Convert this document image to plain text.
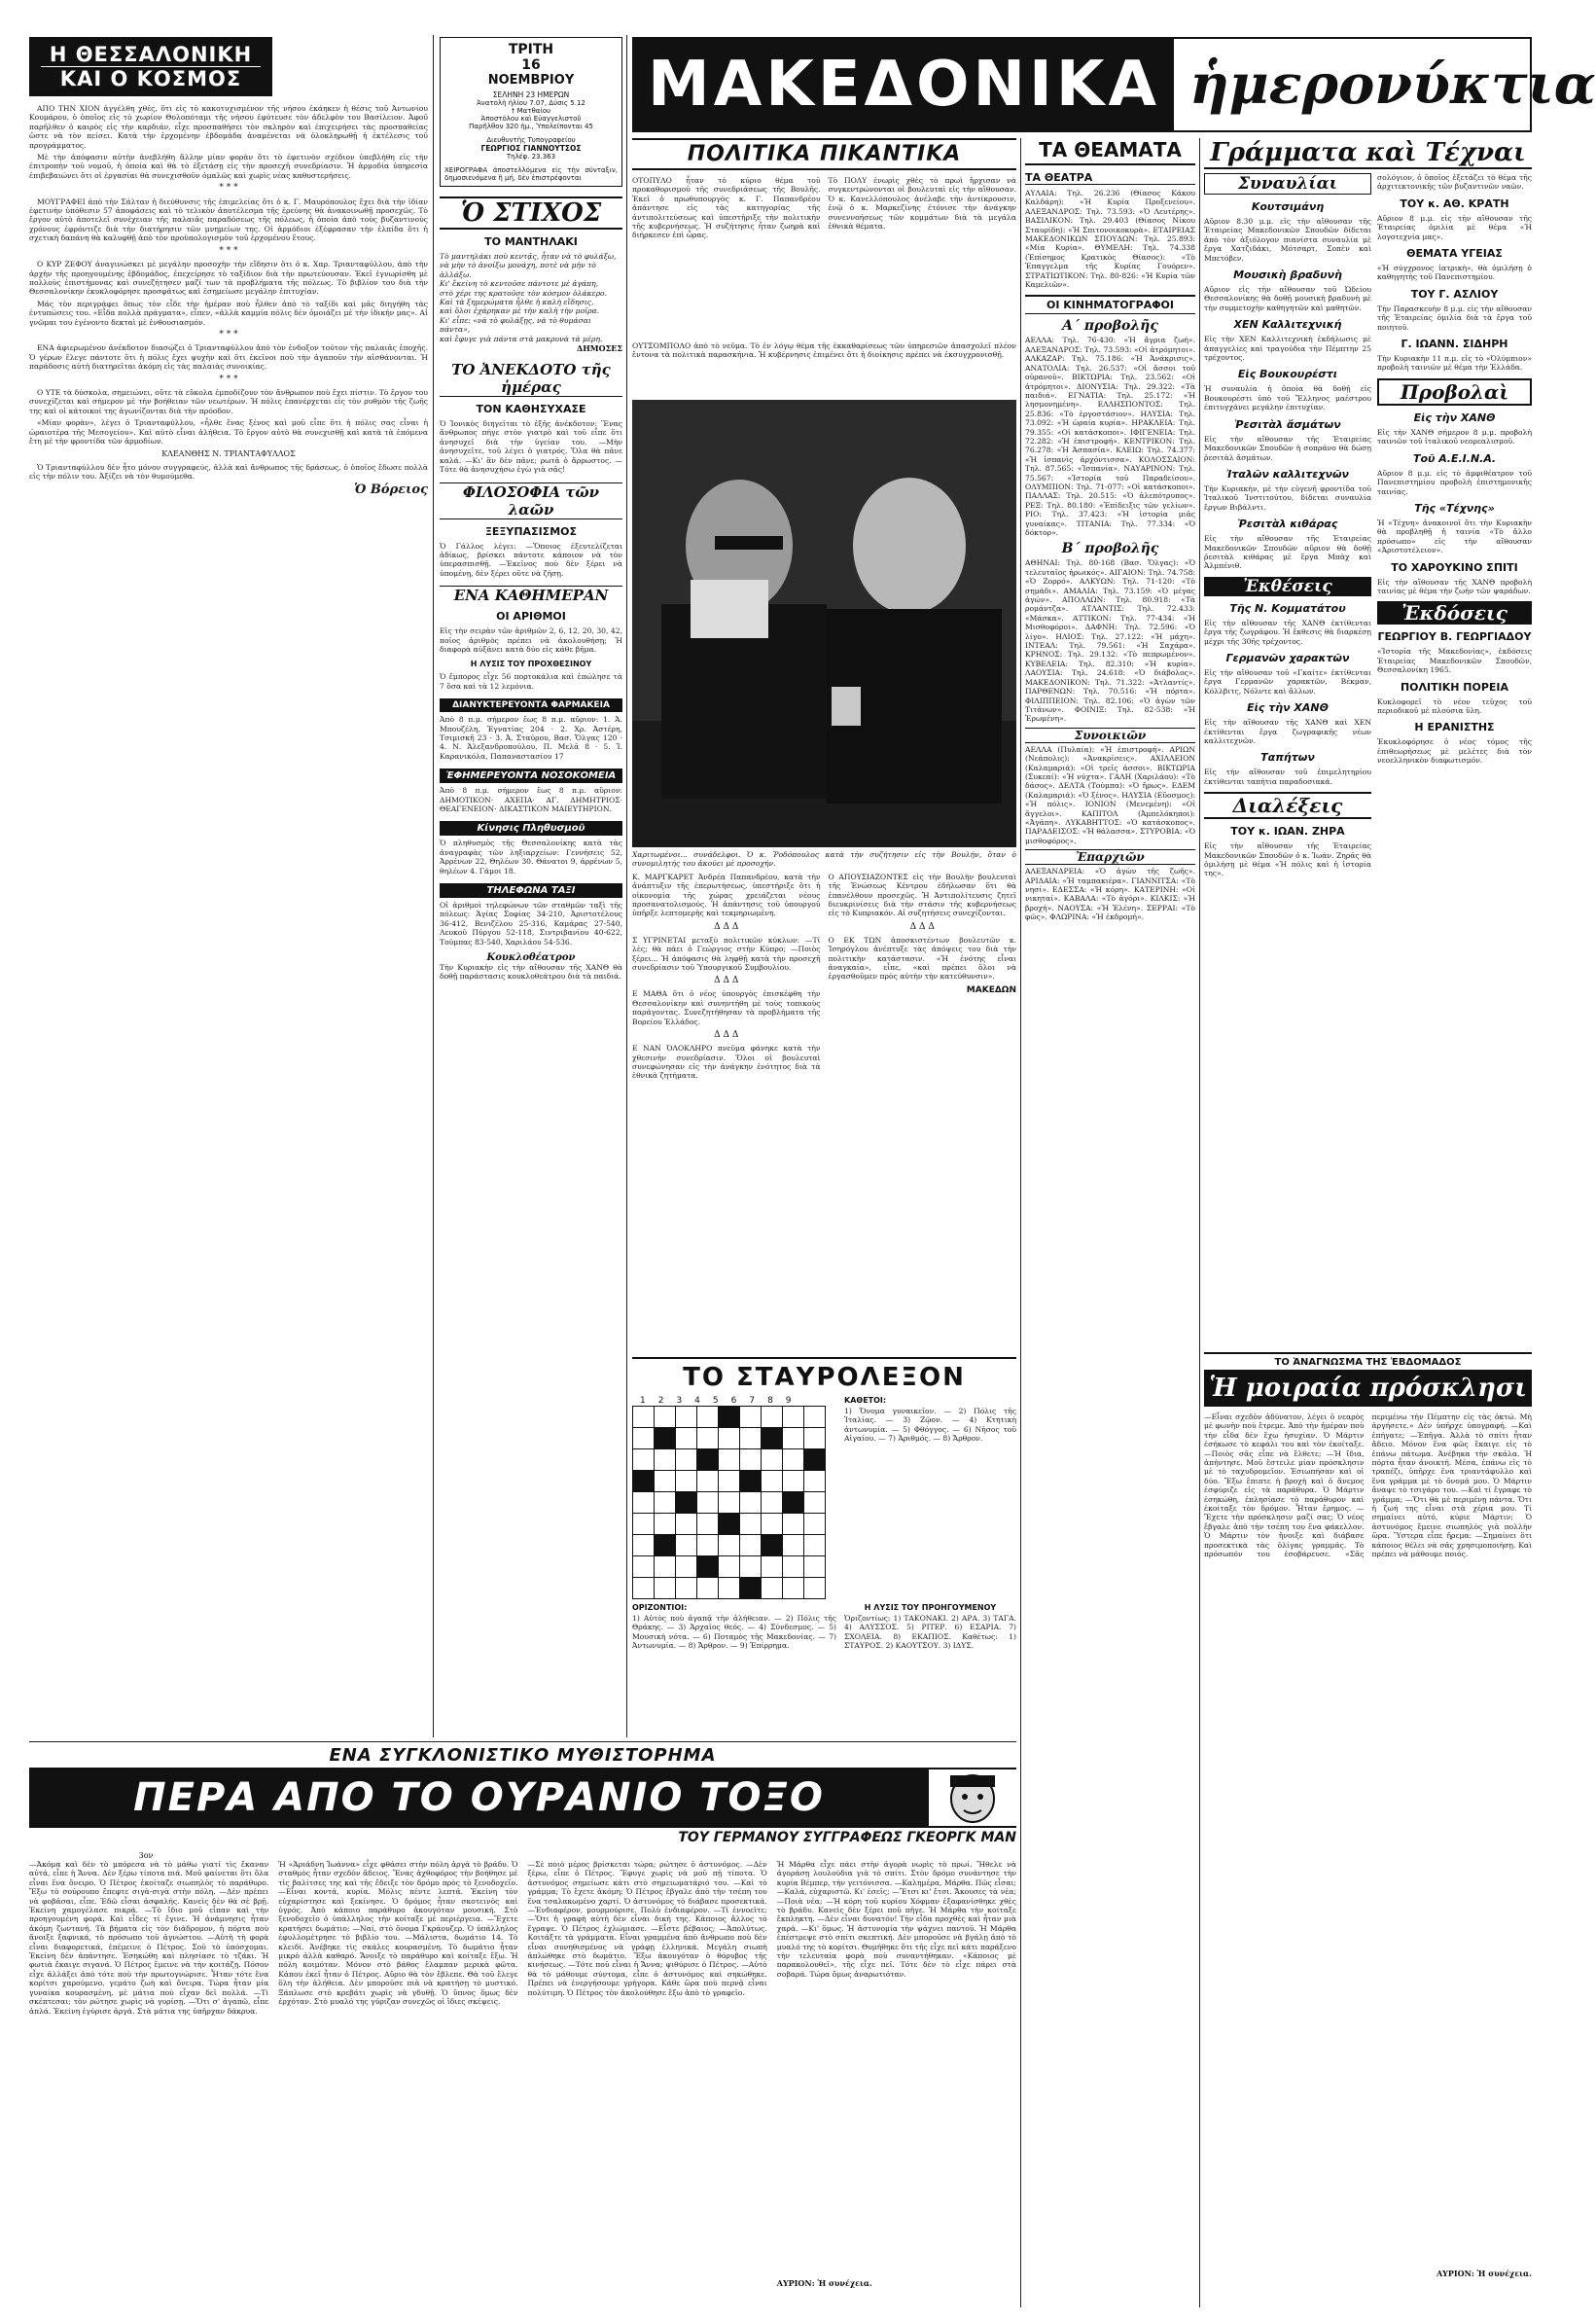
Η ΘΕΣΣΑΛΟΝΙΚΗ
ΚΑΙ Ο ΚΟΣΜΟΣ

ΑΠΟ ΤΗΝ ΧΙΟΝ ἀγγέλθη χθές, ὅτι εἰς τὸ κακοτυχισμένον τῆς νήσου ἐκάηκεν ἡ θέσις τοῦ Ἀντωνίου Κουμάρου, ὁ ὁποῖος εἰς τὸ χωρίον Θολοπόταμι τῆς νήσου ἐφύτευσε τὸν ἀδελφὸν του Βασίλειον. Ἀφοῦ παρῆλθεν ὁ καιρὸς εἰς τὴν καρδιάν, εἶχε προσπαθήσει τὸν σκληρὸν καὶ ἐπιχειρήσει τὰς προσπαθείας ὥστε νὰ τὸν πείσει. Κατὰ τὴν ἐρχομένην ἑβδομάδα ἀναμένεται νὰ ὁλοκληρωθῇ ἡ ἐκτέλεσις τοῦ προγράμματος.

Μὲ τὴν ἀπόφασιν αὐτὴν ἀνεβλήθη ἄλλην μίαν φορὰν ὅτι τὸ ἐφετινὸν σχέδιον ὑπεβλήθη εἰς τὴν ἐπιτροπὴν τοῦ νομοῦ, ἡ ὁποία καὶ θὰ τὸ ἐξετάσῃ εἰς τὴν προσεχῆ συνεδρίασιν. Ἡ ἀρμοδία ὑπηρεσία ἐπιβεβαιώνει ὅτι οἱ ἐργασίαι θὰ συνεχισθοῦν ὁμαλῶς καὶ χωρὶς νέας καθυστερήσεις.

* * *

ΜΟΥΓΡΑΦΕΙ ἀπὸ τὴν Σάλταν ἡ διεύθυνσις τῆς ἐπιμελείας ὅτι ὁ κ. Γ. Μαυρόπουλος ἔχει διὰ τὴν ἰδίαν ἐφετινὴν ὑπόθεσιν 57 ἀποφάσεις καὶ τὸ τελικὸν ἀποτέλεσμα τῆς ἐρεύνης θὰ ἀνακοινωθῇ προσεχῶς. Τὸ ἔργον αὐτὸ ἀποτελεῖ συνέχειαν τῆς παλαιᾶς παραδόσεως τῆς πόλεως, ἡ ὁποία ἀπὸ τοὺς βυζαντινοὺς χρόνους ἐφρόντιζε διὰ τὴν διατήρησιν τῶν μνημείων της. Οἱ ἁρμόδιοι ἐξέφρασαν τὴν ἐλπίδα ὅτι ἡ σχετικὴ δαπάνη θὰ καλυφθῇ ἀπὸ τὸν προϋπολογισμὸν τοῦ ἐρχομένου ἔτους.

* * *

Ο ΚΥΡ ΖΕΦΟΥ ἀναγινώσκει μὲ μεγάλην προσοχὴν τὴν εἴδησιν ὅτι ὁ κ. Χαρ. Τριανταφύλλου, ἀπὸ τὴν ἀρχὴν τῆς προηγουμένης ἑβδομάδος, ἐπεχείρησε τὸ ταξίδιον διὰ τὴν πρωτεύουσαν. Ἐκεῖ ἐγνωρίσθη μὲ πολλοὺς ἐπιστήμονας καὶ συνεζήτησεν μαζί των τὰ προβλήματα τῆς πόλεως. Τὸ βιβλίον του διὰ τὴν Θεσσαλονίκην ἐκυκλοφόρησε προσφάτως καὶ ἐσημείωσε μεγάλην ἐπιτυχίαν.

Μάς τὸν περιγράφει ὅπως τὸν εἶδε τὴν ἡμέραν ποὺ ἦλθεν ἀπὸ τὸ ταξίδι καὶ μᾶς διηγήθη τὰς ἐντυπώσεις του. «Εἶδα πολλὰ πράγματα», εἶπεν, «ἀλλὰ καμμία πόλις δὲν ὁμοιάζει μὲ τὴν ἰδικήν μας». Αἱ γνῶμαι του ἐγένοντο δεκταὶ μὲ ἐνθουσιασμόν.

* * *

ΕΝΑ ἀφιερωμένον ἀνέκδοτον διασῴζει ὁ Τριανταφύλλου ἀπὸ τὸν ἐνδοξον τούτον τῆς παλαιᾶς ἐποχῆς. Ὁ γέρων ἔλεγε πάντοτε ὅτι ἡ πόλις ἔχει ψυχὴν καὶ ὅτι ἐκεῖνοι ποὺ τὴν ἀγαποῦν τὴν αἰσθάνονται. Ἡ παράδοσις αὐτὴ διατηρεῖται ἀκόμη εἰς τὰς παλαιὰς συνοικίας.

* * *

Ο ΥΤΕ τὰ δύσκολα, σημειώνει, οὔτε τὰ εὔκολα ἐμποδίζουν τὸν ἄνθρωπον ποὺ ἔχει πίστιν. Τὸ ἔργον του συνεχίζεται καὶ σήμερον μὲ τὴν βοήθειαν τῶν νεωτέρων. Ἡ πόλις ἐπανέρχεται εἰς τὸν ρυθμὸν τῆς ζωῆς της καὶ οἱ κάτοικοί της ἀγωνίζονται διὰ τὴν πρόοδον.

«Μίαν φορὰν», λέγει ὁ Τριανταφύλλου, «ἦλθε ἕνας ξένος καὶ μοῦ εἶπε ὅτι ἡ πόλις σας εἶναι ἡ ὡραιοτέρα τῆς Μεσογείου». Καὶ αὐτὸ εἶναι ἀλήθεια. Τὸ ἔργον αὐτὸ θὰ συνεχισθῇ καὶ κατὰ τὰ ἐπόμενα ἔτη μὲ τὴν φροντίδα τῶν ἁρμοδίων.

ΚΛΕΑΝΘΗΣ Ν. ΤΡΙΑΝΤΑΦΥΛΛΟΣ

Ὁ Τριανταφύλλου δὲν ἦτο μόνον συγγραφεύς, ἀλλὰ καὶ ἄνθρωπος τῆς δράσεως, ὁ ὁποῖος ἔδωσε πολλὰ εἰς τὴν πόλιν του. Ἀξίζει νὰ τὸν θυμούμεθα.

Ὁ Βόρειος
ΤΡΙΤΗ
16
ΝΟΕΜΒΡΙΟΥ
ΣΕΛΗΝΗ 23 ΗΜΕΡΩΝ
Ἀνατολὴ ἡλίου 7.07, Δύσις 5.12
† Ματθαίου
Ἀποστόλου καὶ Εὐαγγελιστοῦ
Παρῆλθον 320 ἡμ., Ὑπολείπονται 45
Διευθυντὴς Τυπογραφείου
ΓΕΩΡΓΙΟΣ ΓΙΑΝΝΟΥΤΣΟΣ
Τηλέφ. 23.363
ΧΕΙΡΟΓΡΑΦΑ ἀποστελλόμενα εἰς τὴν σύνταξιν, δημοσιευόμενα ἢ μή, δὲν ἐπιστρέφονται
Ὁ ΣΤΙΧΟΣ
ΤΟ ΜΑΝΤΗΛΑΚΙ
Τὸ μαντηλάκι ποὺ κεντᾷς, ἦταν νὰ τὸ φυλάξω,
νὰ μὴν τὸ ἀνοίξω μονάχη, ποτὲ νὰ μὴν τὸ ἀλλάξω.
Κι' ἔκείνη τὸ κεντοῦσε πάντοτε μὲ ἀγάπη,
στὸ χέρι της κρατοῦσε τὸν κόσμον ὁλάκερο.
Καὶ τὰ ξημερώματα ἦλθε ἡ καλὴ εἴδησις,
καὶ ὅλοι ἐχάρηκαν μὲ τὴν καλὴ τὴν μοῖρα.
Κι' εἶπε: «νὰ τὸ φυλάξῃς, νὰ τὸ θυμάσαι πάντα»,
καὶ ἔφυγε γιὰ πάντα στὰ μακρυνὰ τὰ μέρη.
ΔΗΜΟΣΕΣ
ΤΟ ἈΝΕΚΔΟΤΟ τῆς ἡμέρας
ΤΟΝ ΚΑΘΗΣΥΧΑΣΕ
Ὁ Ἰονικὸς διηγεῖται τὸ ἑξῆς ἀνέκδοτον: Ἕνας ἄνθρωπος πήγε στὸν γιατρὸ καὶ τοῦ εἶπε ὅτι ἀνησυχεῖ διὰ τὴν ὑγείαν του. —Μὴν ἀνησυχεῖτε, τοῦ λέγει ὁ γιατρός. Ὅλα θὰ πᾶνε καλά. —Κι' ἂν δὲν πᾶνε; ρωτᾶ ὁ ἄρρωστος. —Τότε θὰ ἀνησυχήσω ἐγὼ γιὰ σᾶς!
ΦΙΛΟΣΟΦΙΑ τῶν λαῶν
ΞΕΞΥΠΑΣΙΣΜΟΣ
Ὁ Γάλλος λέγει: —Ὅποιος ἐξευτελίζεται ἀδίκως, βρίσκει πάντοτε κάποιον νὰ τὸν ὑπερασπισθῇ. —Ἐκεῖνος ποὺ δὲν ξέρει νὰ ὑπομένῃ, δὲν ξέρει οὔτε νὰ ζήσῃ.
ΕΝΑ ΚΑΘΗΜΕΡΑΝ
ΟΙ ΑΡΙΘΜΟΙ
Εἰς τὴν σειρὰν τῶν ἀριθμῶν 2, 6, 12, 20, 30, 42, ποῖος ἀριθμὸς πρέπει νὰ ἀκολουθήσῃ; Ἡ διαφορὰ αὐξάνει κατὰ δύο εἰς κάθε βῆμα.
Η ΛΥΣΙΣ ΤΟΥ ΠΡΟΧΘΕΣΙΝΟΥ
Ὁ ἔμπορος εἶχε 56 πορτοκάλια καὶ ἐπώλησε τὰ 7 ὅσα καὶ τὰ 12 λεμόνια.
ΔΙΑΝΥΚΤΕΡΕΥΟΝΤΑ ΦΑΡΜΑΚΕΙΑ
Ἀπὸ 8 π.μ. σήμερον ἕως 8 π.μ. αὔριον: 1. Ἀ. Μπουζέλη, Ἐγνατίας 204 · 2. Χρ. Ἀστέρη, Τσιμισκῆ 23 · 3. Ἀ. Σταύρου, Βασ. Ὄλγας 120 · 4. Ν. Ἀλεξανδροπούλου, Π. Μελᾶ 8 · 5. Ἰ. Καρανικόλα, Παπαναστασίου 17
ἘΦΗΜΕΡΕΥΟΝΤΑ ΝΟΣΟΚΟΜΕΙΑ
Ἀπὸ 8 π.μ. σήμερον ἕως 8 π.μ. αὔριον: ΔΗΜΟΤΙΚΟΝ· ΑΧΕΠΑ· ΑΓ. ΔΗΜΗΤΡΙΟΣ· ΘΕΑΓΕΝΕΙΟΝ· ΔΙΚΑΣΤΙΚΟΝ ΜΑΙΕΥΤΗΡΙΟΝ.
Κίνησις Πληθυσμοῦ
Ὁ πληθυσμὸς τῆς Θεσσαλονίκης κατὰ τὰς ἀναγραφὰς τῶν ληξιαρχείων: Γεννήσεις 52, Ἀρρένων 22, Θηλέων 30. Θάνατοι 9, ἀρρένων 5, θηλέων 4. Γάμοι 18.
ΤΗΛΕΦΩΝΑ ΤΑΞΙ
Οἱ ἀριθμοὶ τηλεφώνων τῶν σταθμῶν ταξὶ τῆς πόλεως: Ἁγίας Σοφίας 34-210, Ἀριστοτέλους 36-412, Βενιζέλου 25-316, Καμάρας 27-540, Λευκοῦ Πύργου 52-118, Σιντριβανίου 40-622, Τούμπας 83-540, Χαριλάου 54-536.
Κουκλοθέατρον
Τὴν Κυριακὴν εἰς τὴν αἴθουσαν τῆς ΧΑΝΘ θὰ δοθῇ παράστασις κουκλοθεάτρου διὰ τὰ παιδιά.
ΜΑΚΕΔΟΝΙΚΑ ἡμερονύκτια
ΠΟΛΙΤΙΚΑ ΠΙΚΑΝΤΙΚΑ
ΟΤΟΠΥΛΟ ἦταν τὸ κύριο θέμα τοῦ προκαθορισμοῦ τῆς συνεδριάσεως τῆς Βουλῆς. Ἐκεῖ ὁ πρωθυπουργὸς κ. Γ. Παπανδρέου ἀπάντησε εἰς τὰς κατηγορίας τῆς ἀντιπολιτεύσεως καὶ ὑπεστήριξε τὴν πολιτικὴν τῆς κυβερνήσεως. Ἡ συζήτησις ἦταν ζωηρὰ καὶ διήρκεσεν ἐπὶ ὧρας.
Τὸ ΠΟΛΥ ἐνωρὶς χθὲς τὸ πρωὶ ἤρχισαν νὰ συγκεντρώνονται οἱ βουλευταὶ εἰς τὴν αἴθουσαν. Ὁ κ. Κανελλόπουλος ἀνέλαβε τὴν ἀντίκρουσιν, ἐνῷ ὁ κ. Μαρκεζίνης ἐτόνισε τὴν ἀνάγκην συνεννοήσεως τῶν κομμάτων διὰ τὰ μεγάλα ἐθνικὰ θέματα.
ΟΥΤΣΟΜΠΟΛΟ ἀπὸ τὸ νεῦμα. Τὸ ἐν λόγῳ θέμα τῆς ἐκκαθαρίσεως τῶν ὑπηρεσιῶν ἀπασχολεῖ πλέον ἔντονα τὰ πολιτικὰ παρασκήνια. Ἡ κυβέρνησις ἐπιμένει ὅτι ἡ διοίκησις πρέπει νὰ ἐκσυγχρονισθῇ.
Χαριτωμένοι... συνάδελφοι. Ὁ κ. Ῥοδόπουλος κατὰ τὴν συζήτησιν εἰς τὴν Βουλήν, ὅταν ὁ συνομιλητής του ἀκούει μὲ προσοχήν.
Κ. ΜΑΡΓΚΑΡΕΤ Ἀνδρέα Παπανδρέου, κατὰ τὴν ἀνάπτυξιν τῆς ἐπερωτήσεως, ὑπεστήριξε ὅτι ἡ οἰκονομία τῆς χώρας χρειάζεται νέους προσανατολισμούς. Ἡ ἀπάντησις τοῦ ὑπουργοῦ ὑπῆρξε λεπτομερὴς καὶ τεκμηριωμένη.
Δ Δ Δ
Σ ΥΓΡΙΝΕΤΑΙ μεταξὺ πολιτικῶν κύκλων: —Τί λὲς; θὰ πάει ὁ Γεώργιος στὴν Κύπρο; —Ποιὸς ξέρει... Ἡ ἀπόφασις θὰ ληφθῇ κατὰ τὴν προσεχῆ συνεδρίασιν τοῦ Ὑπουργικοῦ Συμβουλίου.
Δ Δ Δ
Ε ΜΑΘΑ ὅτι ὁ νέος ὑπουργὸς ἐπισκέφθη τὴν Θεσσαλονίκην καὶ συνηντήθη μὲ τοὺς τοπικοὺς παράγοντας. Συνεζητήθησαν τὰ προβλήματα τῆς Βορείου Ἑλλάδος.
Δ Δ Δ
Ε ΝΑΝ ὈΛΟΚΛΗΡΟ πνεῦμα φάνηκε κατὰ τὴν χθεσινὴν συνεδρίασιν. Ὅλοι οἱ βουλευταὶ συνεφώνησαν εἰς τὴν ἀνάγκην ἑνότητος διὰ τὰ ἐθνικὰ ζητήματα.
Ο ΑΠΟΥΣΙΑΖΟΝΤΕΣ εἰς τὴν Βουλὴν βουλευταὶ τῆς Ἑνώσεως Κέντρου ἐδήλωσαν ὅτι θὰ ἐπανέλθουν προσεχῶς. Ἡ Ἀντιπολίτευσις ζητεῖ διευκρινίσεις διὰ τὴν στάσιν τῆς κυβερνήσεως εἰς τὸ Κυπριακόν. Αἱ συζητήσεις συνεχίζονται.
Δ Δ Δ
Ο ΕΚ ΤΩΝ ἀποσκιστέντων βουλευτῶν κ. Ἰσηρόγλου ἀνέπτυξε τὰς ἀπόψεις του διὰ τὴν πολιτικὴν κατάστασιν. «Ἡ ἑνότης εἶναι ἀναγκαία», εἶπε, «καὶ πρέπει ὅλοι νὰ ἐργασθοῦμεν πρὸς αὐτὴν τὴν κατεύθυνσιν».
ΜΑΚΕΔΩΝ
ΤΟ ΣΤΑΥΡΟΛΕΞΟΝ
123456789

									ΚΑΘΕΤΟΙ:
1) Ὄνομα γυναικεῖον. — 2) Πόλις τῆς Ἰταλίας. — 3) Ζῷον. — 4) Κτητικὴ ἀντωνυμία. — 5) Φθόγγος. — 6) Νῆσος τοῦ Αἰγαίου. — 7) Ἀριθμός. — 8) Ἄρθρον.
ΟΡΙΖΟΝΤΙΟΙ:
1) Αὐτὸς ποὺ ἀγαπᾷ τὴν ἀλήθειαν. — 2) Πόλις τῆς Θράκης. — 3) Ἀρχαῖος θεός. — 4) Σύνδεσμος. — 5) Μουσικὴ νότα. — 6) Ποταμὸς τῆς Μακεδονίας. — 7) Ἀντωνυμία. — 8) Ἄρθρον. — 9) Ἐπίρρημα.
Η ΛΥΣΙΣ ΤΟΥ ΠΡΟΗΓΟΥΜΕΝΟΥ
Ὁριζοντίως: 1) ΤΑΚΟΝΑΚΙ. 2) ΑΡΑ. 3) ΤΑΓΑ. 4) ΑΛΥΣΣΟΣ. 5) ΡΙΤΕΡ. 6) ΕΣΑΡΙΑ. 7) ΣΧΟΛΕΙΑ. 8) ΕΚΑΠΙΟΣ. Καθέτως: 1) ΣΤΑΥΡΟΣ. 2) ΚΑΟΥΤΣΟΥ. 3) ΙΔΥΣ.
ΤΑ ΘΕΑΜΑΤΑ
ΤΑ ΘΕΑΤΡΑ
ΑΥΛΑΙΑ: Τηλ. 26.236 (Θίασος Κάκου Καλδάρη): «Ἡ Κυρία Προξενείου». ΑΛΕΞΑΝΔΡΟΣ: Τηλ. 73.593: «Ὁ Λευτέρης». ΒΑΣΙΛΙΚΟΝ: Τηλ. 29.403 (Θίασος Νίκου Σταυρίδη): «Ἡ Σπιτονοικοκυρὰ». ΕΤΑΙΡΕΙΑΣ ΜΑΚΕΔΟΝΙΚΩΝ ΣΠΟΥΔΩΝ: Τηλ. 25.893: «Μία Κυρία». ΘΥΜΕΛΗ: Τηλ. 74.338 (Ἐπίσημος Κρατικὸς Θίασος): «Τὸ Ἐπαγγελμα τῆς Κυρίας Γουόρεν». ΣΤΡΑΤΙΩΤΙΚΟΝ: Τηλ. 80-826: «Ἡ Κυρία τῶν Καμελιῶν».
ΟΙ ΚΙΝΗΜΑΤΟΓΡΑΦΟΙ
Α΄ προβολῆς
ΑΕΛΛΑ: Τηλ. 76-430: «Ἡ ἄγρια ζωή». ΑΛΕΞΑΝΔΡΟΣ: Τηλ. 73.593: «Οἱ ἀτρόμητοι». ΑΛΚΑΖΑΡ: Τηλ. 75.186: «Ἡ Ἀνάκρισις». ΑΝΑΤΟΛΙΑ: Τηλ. 26.537: «Οἱ ἄσσοι τοῦ οὐρανοῦ». ΒΙΚΤΩΡΙΑ: Τηλ. 23.562: «Οἱ ἀτρόμητοι». ΔΙΟΝΥΣΙΑ: Τηλ. 29.322: «Τὰ παιδιά». ΕΓΝΑΤΙΑ: Τηλ. 25.172: «Ἡ λησμονημένη». ΕΛΛΗΣΠΟΝΤΟΣ: Τηλ. 25.836: «Τὸ ἐργοστάσιον». ΗΛΥΣΙΑ: Τηλ. 73.092: «Ἡ ὡραία κυρία». ΗΡΑΚΛΕΙΑ: Τηλ. 79.355: «Οἱ κατάσκοποι». ΙΦΙΓΕΝΕΙΑ: Τηλ. 72.282: «Ἡ ἐπιστροφή». ΚΕΝΤΡΙΚΟΝ: Τηλ. 76.278: «Ἡ Ἀσπασία». ΚΛΕΙΩ: Τηλ. 74.377: «Ἡ ἰσπανὶς ἀρχόντισσα». ΚΟΛΟΣΣΑΙΟΝ: Τηλ. 87.565: «Ἰσπανία». ΝΑΥΑΡΙΝΟΝ: Τηλ. 75.567: «Ἱστορία τοῦ Παραδείσου». ΟΛΥΜΠΙΟΝ: Τηλ. 71-077: «Οἱ κατάσκοποι». ΠΑΛΛΑΣ: Τηλ. 20.515: «Ὁ ἀλεπότρυπος». ΡΕΞ: Τηλ. 80.180: «Ἐπίδειξις τῶν γελίων». ΡΙΟ: Τηλ. 37.423: «Ἡ ἱστορία μιᾶς γυναίκας». ΤΙΤΑΝΙΑ: Τηλ. 77.334: «Ὁ δόκτορ».
Β΄ προβολῆς
ΑΘΗΝΑΙ: Τηλ. 80-168 (Βασ. Ὄλγας): «Ὁ τελευταῖος ἡρωικός». ΑΙΓΑΙΟΝ: Τηλ. 74.758: «Ὁ Ζορρό». ΑΛΚΥΩΝ: Τηλ. 71-120: «Τὸ σημάδι». ΑΜΑΛΙΑ: Τηλ. 73.159: «Ὁ μέγας ἀγών». ΑΠΟΛΛΩΝ: Τηλ. 80.918: «Τὰ ρομάντζα». ΑΤΛΑΝΤΙΣ: Τηλ. 72.433: «Μάσκα». ΑΤΤΙΚΟΝ: Τηλ. 77-434: «Ἡ Μισθοφόροι». ΔΑΦΝΗ: Τηλ. 72.596: «Ὁ λίγο». ΗΛΙΟΣ: Τηλ. 27.122: «Ἡ μάχη». ΙΝΤΕΑΛ: Τηλ. 79.561: «Ἡ Σαχάρα». ΚΡΗΝΟΣ: Τηλ. 29.132: «Τὸ πεπρωμένον». ΚΥΒΕΛΕΙΑ: Τηλ. 82.310: «Ἡ κυρία». ΛΑΟΥΣΙΑ: Τηλ. 24.618: «Ὁ διάβολος». ΜΑΚΕΔΟΝΙΚΟΝ: Τηλ. 71.322: «Ἀτλαντίς». ΠΑΡΘΕΝΩΝ: Τηλ. 70.516: «Ἡ πόρτα». ΦΙΛΙΠΠΕΙΟΝ: Τηλ. 82.106: «Ὁ ἀγὼν τῶν Τιτάνων». ΦΟΙΝΙΞ: Τηλ. 82-538: «Ἡ Ἐρωμένη».
Συνοικιῶν
ΑΕΛΛΑ (Πυλαία): «Ἡ ἐπιστροφή». ΑΡΙΩΝ (Νεάπολις): «Ἀνακρίσεις». ΑΧΙΛΛΕΙΟΝ (Καλαμαριά): «Οἱ τρεῖς ἀσσοι». ΒΙΚΤΩΡΙΑ (Συκεαί): «Ἡ νύχτα». ΓΑΛΗ (Χαριλάου): «Τὸ δάσος». ΔΕΛΤΑ (Τούμπα): «Ὁ ἥρως». ΕΔΕΜ (Καλαμαριά): «Ὁ ξένος». ΗΛΥΣΙΑ (Εὔοσμος): «Ἡ πόλις». ΙΟΝΙΟΝ (Μενεμένη): «Οἱ ἄγγελοι». ΚΑΠΙΤΟΛ (Ἀμπελόκηποι): «Ἀγάπη». ΛΥΚΑΒΗΤΤΟΣ: «Ὁ κατάσκοπος». ΠΑΡΑΔΕΙΣΟΣ: «Ἡ θάλασσα». ΣΤΥΡΟΒΙΑ: «Ὁ μισθοφόρος».
Ἐπαρχιῶν
ΑΛΕΞΑΝΔΡΕΙΑ: «Ὁ ἀγὼν τῆς ζωῆς». ΑΡΙΔΑΙΑ: «Ἡ ταμπακιέρα». ΓΙΑΝΝΙΤΣΑ: «Τὸ νησί». ΕΔΕΣΣΑ: «Ἡ κόρη». ΚΑΤΕΡΙΝΗ: «Οἱ νικηταί». ΚΑΒΑΛΑ: «Τὸ ἀγόρι». ΚΙΛΚΙΣ: «Ἡ βροχή». ΝΑΟΥΣΑ: «Ἡ Ἐλένη». ΣΕΡΡΑΙ: «Τὸ φῶς». ΦΛΩΡΙΝΑ: «Ἡ ἐκδρομή».
Γράμματα καὶ Τέχναι
Συναυλίαι
Κουτσιμάνη
Αὔριον 8.30 μ.μ. εἰς τὴν αἴθουσαν τῆς Ἑταιρείας Μακεδονικῶν Σπουδῶν δίδεται ἀπὸ τὸν ἀξιόλογον πιανίστα συναυλία μὲ ἔργα Χατζιδάκι, Μότσαρτ, Σοπὲν καὶ Μπετόβεν.
Μουσικὴ βραδυνὴ
Αὔριον εἰς τὴν αἴθουσαν τοῦ Ὠδείου Θεσσαλονίκης θὰ δοθῇ μουσικὴ βραδυνὴ μὲ τὴν συμμετοχὴν καθηγητῶν καὶ μαθητῶν.
ΧΕΝ Καλλιτεχνική
Εἰς τὴν ΧΕΝ Καλλιτεχνικὴ ἐκδήλωσις μὲ ἀπαγγελίες καὶ τραγούδια τὴν Πέμπτην 25 τρέχοντος.
Εἰς Βουκουρέστι
Ἡ συναυλία ἡ ὁποία θὰ δοθῇ εἰς Βουκουρέστι ὑπὸ τοῦ Ἕλληνος μαέστρου ἐπιτυγχάνει μεγάλην ἐπιτυχίαν.
Ῥεσιτὰλ ἄσμάτων
Εἰς τὴν αἴθουσαν τῆς Ἑταιρείας Μακεδονικῶν Σπουδῶν ἡ σοπράνο θὰ δώσῃ ῥεσιτὰλ ἄσμάτων.
Ἰταλῶν καλλιτεχνῶν
Τὴν Κυριακὴν, μὲ τὴν εὐγενῆ φροντίδα τοῦ Ἰταλικοῦ Ἰνστιτούτου, δίδεται συναυλία ἔργων Βιβάλντι.
Ῥεσιτὰλ κιθάρας
Εἰς τὴν αἴθουσαν τῆς Ἑταιρείας Μακεδονικῶν Σπουδῶν αὔριον θὰ δοθῇ ῥεσιτὰλ κιθάρας μὲ ἔργα Μπὰχ καὶ Ἀλμπένιθ.
Ἐκθέσεις
Τῆς Ν. Κομματάτου
Εἰς τὴν αἴθουσαν τῆς ΧΑΝΘ ἐκτίθενται ἔργα τῆς ζωγράφου. Ἡ ἔκθεσις θὰ διαρκέσῃ μέχρι τῆς 30ῆς τρέχοντος.
Γερμανῶν χαρακτῶν
Εἰς τὴν αἴθουσαν τοῦ «Γκαίτε» ἐκτίθενται ἔργα Γερμανῶν χαρακτῶν, Βέκμαν, Κόλλβιτς, Νόλντε καὶ ἄλλων.
Εἰς τὴν ΧΑΝΘ
Εἰς τὴν αἴθουσαν τῆς ΧΑΝΘ καὶ ΧΕΝ ἐκτίθενται ἔργα ζωγραφικῆς νέων καλλιτεχνῶν.
Ταπήτων
Εἰς τὴν αἴθουσαν τοῦ ἐπιμελητηρίου ἐκτίθενται ταπήτια παραδοσιακά.
Διαλέξεις
ΤΟΥ κ. ΙΩΑΝ. ΖΗΡΑ
Εἰς τὴν αἴθουσαν τῆς Ἑταιρείας Μακεδονικῶν Σπουδῶν ὁ κ. Ἰωάν. Ζηρᾶς θὰ ὁμιλήσῃ μὲ θέμα «Ἡ πόλις καὶ ἡ ἱστορία της».
σολόγιον, ὁ ὁποῖος ἐξετάζει τὸ θέμα τῆς ἀρχιτεκτονικῆς τῶν βυζαντινῶν ναῶν.
ΤΟΥ κ. ΑΘ. ΚΡΑΤΗ
Αὔριον 8 μ.μ. εἰς τὴν αἴθουσαν τῆς Ἑταιρείας ὁμιλία μὲ θέμα «Ἡ λογοτεχνία μας».
ΘΕΜΑΤΑ ΥΓΕΙΑΣ
«Ἡ σύγχρονος ἰατρικὴ», θὰ ὁμιλήσῃ ὁ καθηγητὴς τοῦ Πανεπιστημίου.
ΤΟΥ Γ. ΑΣΛΙΟΥ
Τὴν Παρασκευὴν 8 μ.μ. εἰς τὴν αἴθουσαν τῆς Ἑταιρείας ὁμιλία διὰ τὰ ἔργα τοῦ ποιητοῦ.
Γ. ΙΩΑΝΝ. ΣΙΔΗΡΗ
Τὴν Κυριακὴν 11 π.μ. εἰς τὸ «Ὀλύμπιον» προβολὴ ταινιῶν μὲ θέμα τὴν Ἑλλάδα.
Προβολαὶ
Εἰς τὴν ΧΑΝΘ
Εἰς τὴν ΧΑΝΘ σήμερον 8 μ.μ. προβολὴ ταινιῶν τοῦ ἰταλικοῦ νεορεαλισμοῦ.
Τοῦ Α.Ε.Ι.Ν.Α.
Αὔριον 8 μ.μ. εἰς τὸ ἀμφιθέατρον τοῦ Πανεπιστημίου προβολὴ ἐπιστημονικῆς ταινίας.
Τῆς «Τέχνης»
Ἡ «Τέχνη» ἀνακοινοῖ ὅτι τὴν Κυριακὴν θὰ προβληθῇ ἡ ταινία «Τὸ ἄλλο πρόσωπο» εἰς τὴν αἴθουσαν «Ἀριστοτέλειον».
ΤΟ ΧΑΡΟΥΚΙΝΟ ΣΠΙΤΙ
Εἰς τὴν αἴθουσαν τῆς ΧΑΝΘ προβολὴ ταινίας μὲ θέμα τὴν ζωὴν τῶν ψαράδων.
Ἐκδόσεις
ΓΕΩΡΓΙΟΥ Β. ΓΕΩΡΓΙΑΔΟΥ
«Ἱστορία τῆς Μακεδονίας», ἐκδόσεις Ἑταιρείας Μακεδονικῶν Σπουδῶν, Θεσσαλονίκη 1965.
ΠΟΛΙΤΙΚΗ ΠΟΡΕΙΑ
Κυκλοφορεῖ τὸ νέον τεῦχος τοῦ περιοδικοῦ μὲ πλούσια ὕλη.
Η ΕΡΑΝΙΣΤΗΣ
Ἐκυκλοφόρησε ὁ νέος τόμος τῆς ἐπιθεωρήσεως μὲ μελέτες διὰ τὸν νεοελληνικὸν διαφωτισμόν.
ΤΟ ἈΝΑΓΝΩΣΜΑ ΤΗΣ ἙΒΔΟΜΑΔΟΣ
Ἡ μοιραία πρόσκλησι
—Εἶναι σχεδὸν ἀδύνατον, λέγει ὁ νεαρὸς μὲ φωνὴν ποὺ ἔτρεμε. Ἀπὸ τὴν ἡμέραν ποὺ τὴν εἶδα δὲν ἔχω ἡσυχίαν. Ὁ Μάρτιν ἐσήκωσε τὸ κεφάλι του καὶ τὸν ἐκοίταξε. —Ποιὸς σᾶς εἶπε νὰ ἔλθετε; —Ἡ ἴδια, ἀπήντησε. Μοῦ ἔστειλε μίαν πρόσκλησιν μὲ τὸ ταχυδρομεῖον. Ἐσιωπήσαν καὶ οἱ δύο. Ἔξω ἔπιπτε ἡ βροχὴ καὶ ὁ ἄνεμος ἐσφύριζε εἰς τὰ παράθυρα. Ὁ Μάρτιν ἐσηκώθη, ἐπλησίασε τὸ παράθυρον καὶ ἐκοίταξε τὸν δρόμον. Ἦταν ἔρημος. —Ἔχετε τὴν πρόσκλησιν μαζί σας; Ὁ νέος ἔβγαλε ἀπὸ τὴν τσέπη του ἕνα φάκελλον. Ὁ Μάρτιν τὸν ἤνοιξε καὶ διάβασε προσεκτικὰ τὰς ὀλίγας γραμμάς. Τὸ πρόσωπόν του ἐσοβάρευσε. «Σᾶς περιμένω τὴν Πέμπτην εἰς τὰς ὀκτώ. Μὴ ἀργήσετε.» Δὲν ὑπῆρχε ὑπογραφή. —Καὶ ἐπήγατε; —Ἐπῆγα. Ἀλλὰ τὸ σπίτι ἦταν ἄδειο. Μόνον ἕνα φῶς ἔκαιγε εἰς τὸ ἐπάνω πάτωμα. Ἀνέβηκα τὴν σκάλα. Ἡ πόρτα ἦταν ἀνοικτή. Μέσα, ἐπάνω εἰς τὸ τραπέζι, ὑπῆρχε ἕνα τριαντάφυλλο καὶ ἕνα γράμμα μὲ τὸ ὄνομά μου. Ὁ Μάρτιν ἄναψε τὸ τσιγάρο του. —Καὶ τί ἔγραφε τὸ γράμμα; —Ὅτι θὰ μὲ περιμένῃ πάντα. Ὅτι ἡ ζωή της εἶναι στὰ χέρια μου. Τί σημαίνει αὐτό, κύριε Μάρτιν; Ὁ ἀστυνόμος ἔμεινε σιωπηλὸς γιὰ πολλὴν ὥρα. Ὕστερα εἶπε ἤρεμα: —Σημαίνει ὅτι κάποιος θέλει νὰ σᾶς χρησιμοποιήσῃ. Καὶ πρέπει νὰ μάθουμε ποιός.
ΑΥΡΙΟΝ: Ἡ συνέχεια.
ΕΝΑ ΣΥΓΚΛΟΝΙΣΤΙΚΟ ΜΥΘΙΣΤΟΡΗΜΑ
ΠΕΡΑ ΑΠΟ ΤΟ ΟΥΡΑΝΙΟ ΤΟΞΟ
ΤΟΥ ΓΕΡΜΑΝΟΥ ΣΥΓΓΡΑΦΕΩΣ ΓΚΕΟΡΓΚ ΜΑΝ
3ον
—Ἀκόμα καὶ δὲν τὸ μπόρεσα νὰ τὸ μάθω γιατί τὶς ἔκαναν αὐτά, εἶπε ἡ Ἄννα. Δὲν ξέρω τίποτα πιά. Μοῦ φαίνεται ὅτι ὅλα εἶναι ἕνα ὄνειρο. Ὁ Πέτρος ἐκοίταζε σιωπηλὸς τὸ παράθυρο. Ἔξω τὸ σούρουπο ἔπεφτε σιγὰ-σιγὰ στὴν πόλη. —Δὲν πρέπει νὰ φοβᾶσαι, εἶπε. Ἐδῶ εἶσαι ἀσφαλής. Κανεὶς δὲν θὰ σὲ βρῇ. Ἐκείνη χαμογέλασε πικρά. —Τὸ ἴδιο μοῦ εἶπαν καὶ τὴν προηγουμένη φορά. Καὶ εἶδες τί ἔγινε. Ἡ ἀνάμνησις ἦταν ἀκόμη ζωντανή. Τὰ βήματα εἰς τὸν διάδρομον, ἡ πόρτα ποὺ ἄνοιξε ξαφνικά, τὸ πρόσωπο τοῦ ἀγνώστου. —Αὐτὴ τὴ φορὰ εἶναι διαφορετικά, ἐπέμεινε ὁ Πέτρος. Σοῦ τὸ ὑπόσχομαι. Ἐκείνη δὲν ἀπάντησε. Ἐσηκώθη καὶ πλησίασε τὸ τζάκι. Ἡ φωτιὰ ἔκαιγε σιγανά. Ὁ Πέτρος ἔμεινε νὰ τὴν κοιτάζῃ. Πόσον εἶχε ἀλλάξει ἀπὸ τότε ποὺ τὴν πρωτογνώρισε. Ἦταν τότε ἕνα κορίτσι χαρούμενο, γεμάτο ζωὴ καὶ ὄνειρα. Τώρα ἦταν μία γυναίκα κουρασμένη, μὲ μάτια ποὺ εἶχαν δεῖ πολλά. —Τί σκέπτεσαι; τὸν ρώτησε χωρὶς νὰ γυρίσῃ. —Ὅτι σ' ἀγαπῶ, εἶπε ἁπλά. Ἐκείνη ἐγύρισε ἀργά. Στὰ μάτια της ὑπῆρχαν δάκρυα.
Ἡ «Ἀριάδνη Ἰωάννα» εἶχε φθάσει στὴν πόλη ἀργὰ τὸ βράδυ. Ὁ σταθμὸς ἦταν σχεδὸν ἄδειος. Ἕνας ἀχθοφόρος τὴν βοήθησε μὲ τὶς βαλίτσες της καὶ τῆς ἔδειξε τὸν δρόμο πρὸς τὸ ξενοδοχεῖο. —Εἶναι κοντά, κυρία. Μόλις πέντε λεπτά. Ἐκείνη τὸν εὐχαρίστησε καὶ ξεκίνησε. Ὁ δρόμος ἦταν σκοτεινὸς καὶ ὑγρός. Ἀπὸ κάποιο παράθυρο ἀκουγόταν μουσική. Στὸ ξενοδοχεῖο ὁ ὑπάλληλος τὴν κοίταξε μὲ περιέργεια. —Ἔχετε κρατήσει δωμάτιο; —Ναί, στὸ ὄνομα Γκράουζερ. Ὁ ὑπάλληλος ἐφυλλομέτρησε τὸ βιβλίο του. —Μάλιστα, δωμάτιο 14. Τὸ κλειδί. Ἀνέβηκε τὶς σκάλες κουρασμένη. Τὸ δωμάτιο ἦταν μικρὸ ἀλλὰ καθαρό. Ἄνοιξε τὸ παράθυρο καὶ κοίταξε ἔξω. Ἡ πόλη κοιμόταν. Μόνον στὸ βάθος ἔλαμπαν μερικὰ φῶτα. Κάπου ἐκεῖ ἦταν ὁ Πέτρος. Αὔριο θὰ τὸν ἔβλεπε. Θὰ τοῦ ἔλεγε ὅλη τὴν ἀλήθεια. Δὲν μποροῦσε πιὰ νὰ κρατήσῃ τὸ μυστικό. Ξάπλωσε στὸ κρεβάτι χωρὶς νὰ γδυθῇ. Ὁ ὕπνος ὅμως δὲν ἐρχόταν. Στὸ μυαλό της γύριζαν συνεχῶς οἱ ἴδιες σκέψεις.
—Σὲ ποιὸ μέρος βρίσκεται τώρα; ρώτησε ὁ ἀστυνόμος. —Δὲν ξέρω, εἶπε ὁ Πέτρος. Ἔφυγε χωρὶς νὰ μοῦ πῇ τίποτα. Ὁ ἀστυνόμος σημείωσε κάτι στὸ σημειωματάριό του. —Καὶ τὸ γράμμα; Τὸ ἔχετε ἀκόμη; Ὁ Πέτρος ἔβγαλε ἀπὸ τὴν τσέπη του ἕνα τσαλακωμένο χαρτί. Ὁ ἀστυνόμος τὸ διάβασε προσεκτικά. —Ἐνδιαφέρον, μουρμούρισε. Πολὺ ἐνδιαφέρον. —Τί ἐννοεῖτε; —Ὅτι ἡ γραφὴ αὐτὴ δὲν εἶναι δική της. Κάποιος ἄλλος τὸ ἔγραψε. Ὁ Πέτρος ἐχλώμιασε. —Εἶστε βέβαιος; —Ἀπολύτως. Κοιτάξτε τὰ γράμματα. Εἶναι γραμμένα ἀπὸ ἄνθρωπο ποὺ δὲν εἶναι συνηθισμένος νὰ γράφῃ ἑλληνικά. Μεγάλη σιωπὴ ἀπλώθηκε στὸ δωμάτιο. Ἔξω ἀκουγόταν ὁ θόρυβος τῆς κινήσεως. —Τότε ποῦ εἶναι ἡ Ἄννα; ψιθύρισε ὁ Πέτρος. —Αὐτὸ θὰ τὸ μάθουμε σύντομα, εἶπε ὁ ἀστυνόμος καὶ σηκώθηκε. Πρέπει νὰ ἐνεργήσουμε γρήγορα. Κάθε ὥρα ποὺ περνᾷ εἶναι πολύτιμη. Ὁ Πέτρος τὸν ἀκολούθησε ἔξω ἀπὸ τὸ γραφεῖο.
Ἡ Μάρθα εἶχε πάει στὴν ἀγορὰ νωρὶς τὸ πρωί. Ἤθελε νὰ ἀγοράσῃ λουλούδια γιὰ τὸ σπίτι. Στὸν δρόμο συνάντησε τὴν κυρία Βέμπερ, τὴν γειτόνισσα. —Καλημέρα, Μάρθα. Πῶς εἶσαι; —Καλά, εὐχαριστῶ. Κι' ἐσεῖς; —Ἔτσι κι' ἔτσι. Ἄκουσες τὰ νέα; —Ποιὰ νέα; —Ἡ κόρη τοῦ κυρίου Χόφμαν ἐξαφανίσθηκε χθὲς τὸ βράδυ. Κανεὶς δὲν ξέρει ποῦ πῆγε. Ἡ Μάρθα τὴν κοίταξε ἔκπληκτη. —Δὲν εἶναι δυνατόν! Τὴν εἶδα προχθὲς καὶ ἦταν μιὰ χαρά. —Κι' ὅμως. Ἡ ἀστυνομία τὴν ψάχνει παντοῦ. Ἡ Μάρθα ἐπέστρεψε στὸ σπίτι σκεπτική. Δὲν μποροῦσε νὰ βγάλῃ ἀπὸ τὸ μυαλό της τὸ κορίτσι. Θυμήθηκε ὅτι τῆς εἶχε πεῖ κάτι παράξενο τὴν τελευταία φορὰ ποὺ συναντήθηκαν. «Κάποιος μὲ παρακολουθεῖ», τῆς εἶχε πεῖ. Τότε δὲν τὸ εἶχε πάρει στὰ σοβαρά. Τώρα ὅμως ἀναρωτιόταν.
ΑΥΡΙΟΝ: Ἡ συνέχεια.
